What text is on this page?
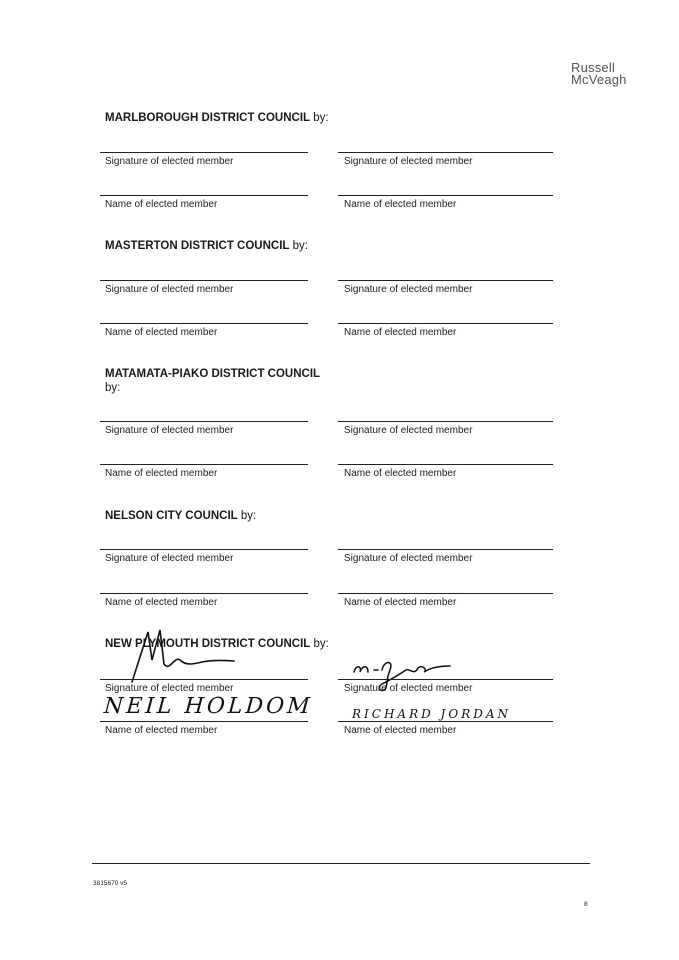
Russell
McVeagh
MARLBOROUGH DISTRICT COUNCIL by:
Signature of elected member	Signature of elected member
Name of elected member	Name of elected member
MASTERTON DISTRICT COUNCIL by:
Signature of elected member	Signature of elected member
Name of elected member	Name of elected member
MATAMATA-PIAKO DISTRICT COUNCIL
by:
Signature of elected member	Signature of elected member
Name of elected member	Name of elected member
NELSON CITY COUNCIL by:
Signature of elected member	Signature of elected member
Name of elected member	Name of elected member
NEW PLYMOUTH DISTRICT COUNCIL by:
Signature of elected member	Signature of elected member
NEIL HOLDOM	RICHARD JORDAN
Name of elected member	Name of elected member
3815670 v5
8
